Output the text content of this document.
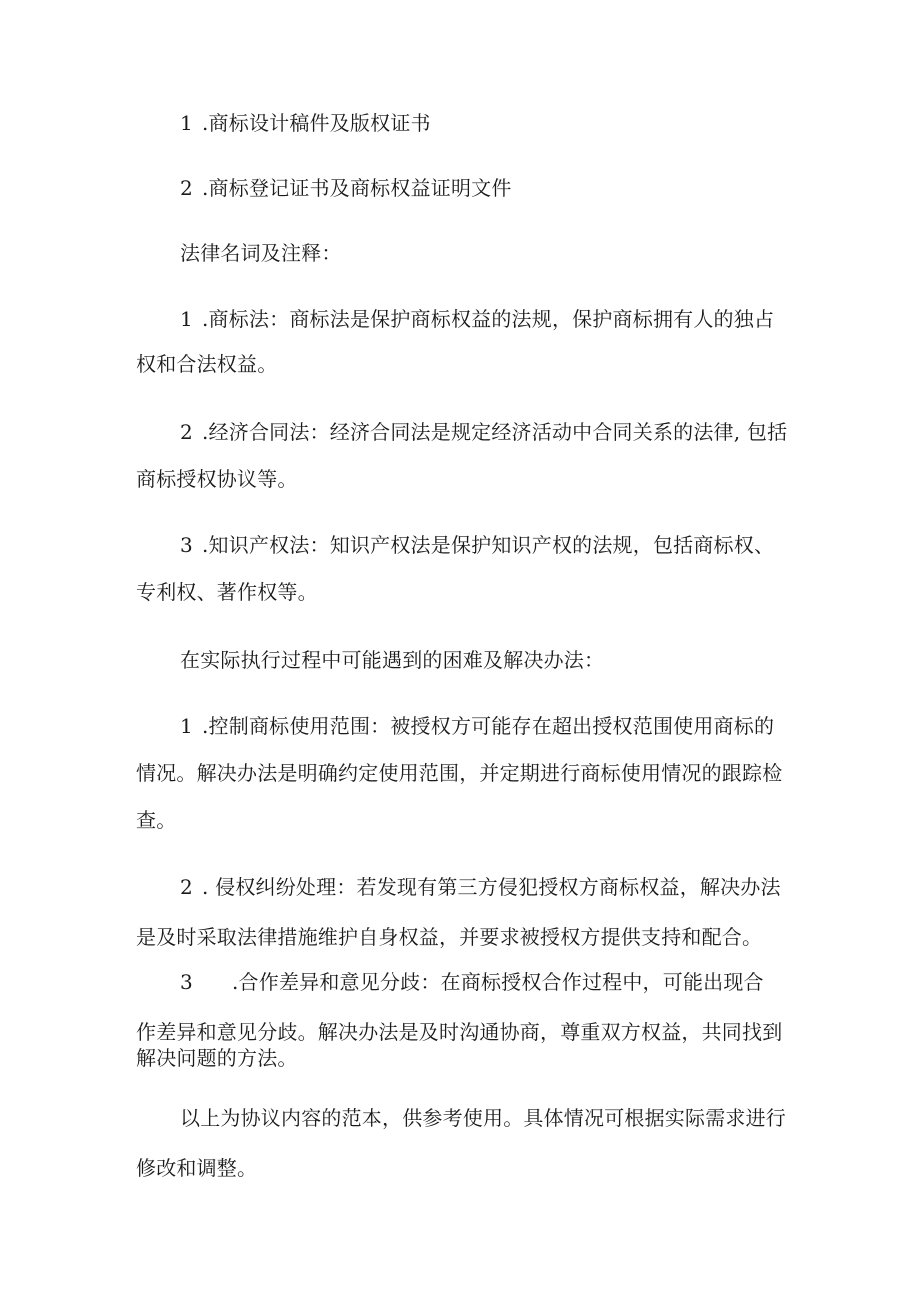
1 .商标设计稿件及版权证书
2 .商标登记证书及商标权益证明文件
法律名词及注释：
1 .商标法：商标法是保护商标权益的法规，保护商标拥有人的独占
权和合法权益。
2 .经济合同法：经济合同法是规定经济活动中合同关系的法律, 包括
商标授权协议等。
3 .知识产权法：知识产权法是保护知识产权的法规，包括商标权、
专利权、著作权等。
在实际执行过程中可能遇到的困难及解决办法：
1 .控制商标使用范围：被授权方可能存在超出授权范围使用商标的
情况。解决办法是明确约定使用范围，并定期进行商标使用情况的跟踪检
查。
2 . 侵权纠纷处理：若发现有第三方侵犯授权方商标权益，解决办法
是及时采取法律措施维护自身权益，并要求被授权方提供支持和配合。
3 .合作差异和意见分歧：在商标授权合作过程中，可能出现合
作差异和意见分歧。解决办法是及时沟通协商，尊重双方权益，共同找到
解决问题的方法。
以上为协议内容的范本，供参考使用。具体情况可根据实际需求进行
修改和调整。
